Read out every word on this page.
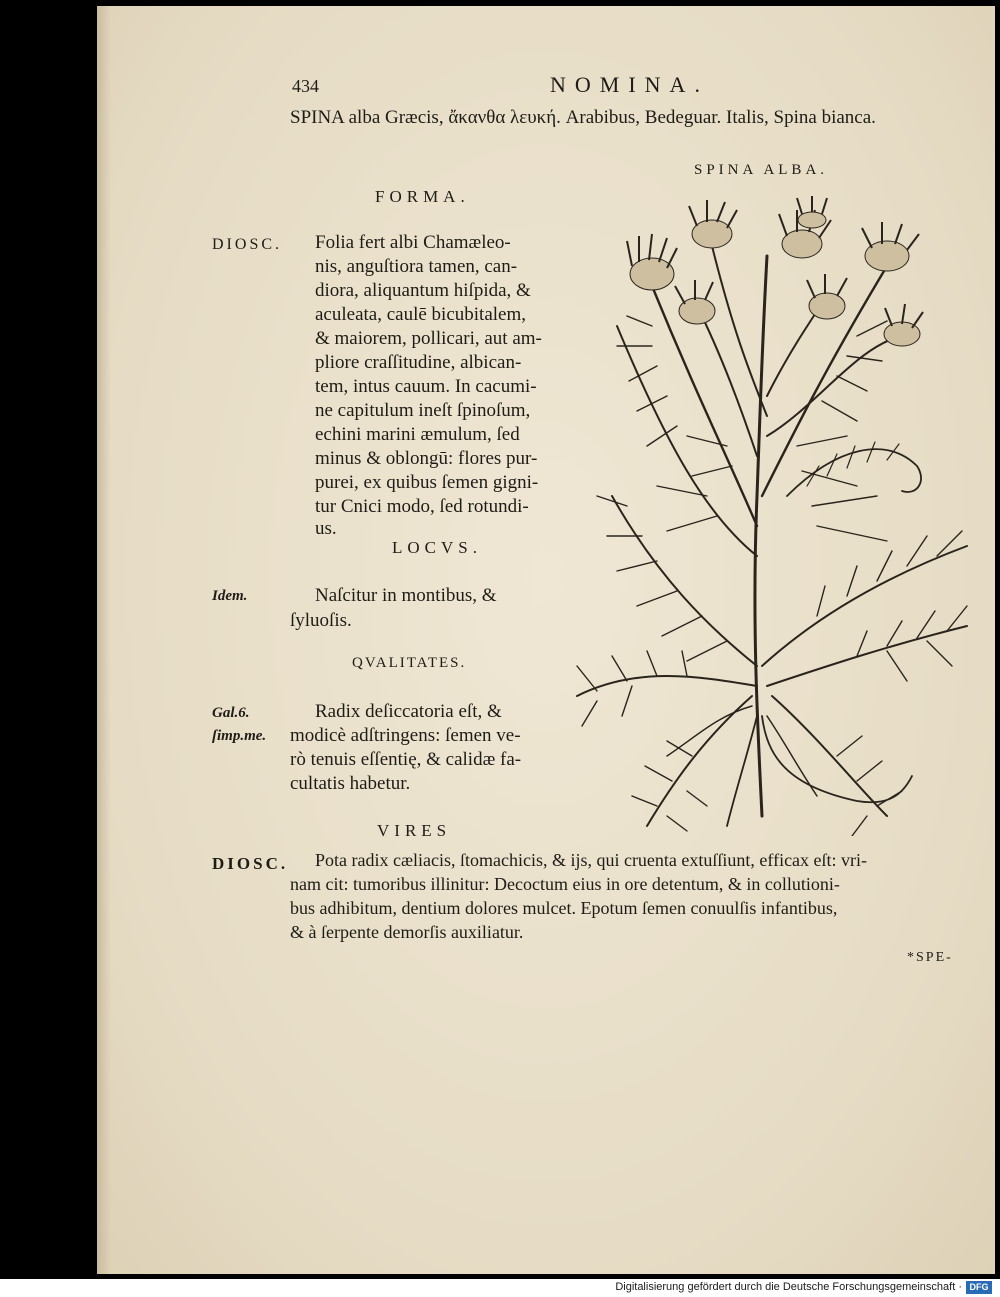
434	NOMINA.
SPINA alba Græcis, ἄκανθα λευκή. Arabibus, Bedeguar. Italis, Spina bianca.
SPINA ALBA.
FORMA.
DIOSC. Folia fert albi Chamæleo-
nis, anguſtiora tamen, can-
diora, aliquantum hiſpida, &
aculeata, caulē bicubitalem,
& maiorem, pollicari, aut am-
pliore craſſitudine, albican-
tem, intus cauum. In cacumi-
ne capitulum ineſt ſpinoſum,
echini marini æmulum, ſed
minus & oblongū: flores pur-
purei, ex quibus ſemen gigni-
tur Cnici modo, ſed rotundi-
us.
LOCVS.
Idem.	Naſcitur in montibus, &
ſyluoſis.
QVALITATES.
Gal.6.
ſimp.me.
Radix deſiccatoria eſt, &
modicè adſtringens: ſemen ve-
rò tenuis eſſentię, & calidæ fa-
cultatis habetur.
VIRES
DIOSC. Pota radix cæliacis, ſtomachicis, & ijs, qui cruenta extuſſiunt, efficax eſt: vri-
nam cit: tumoribus illinitur: Decoctum eius in ore detentum, & in collutioni-
bus adhibitum, dentium dolores mulcet. Epotum ſemen conuulſis infantibus,
& à ſerpente demorſis auxiliatur.
*SPE-
Digitalisierung gefördert durch die Deutsche Forschungsgemeinschaft · DFG
